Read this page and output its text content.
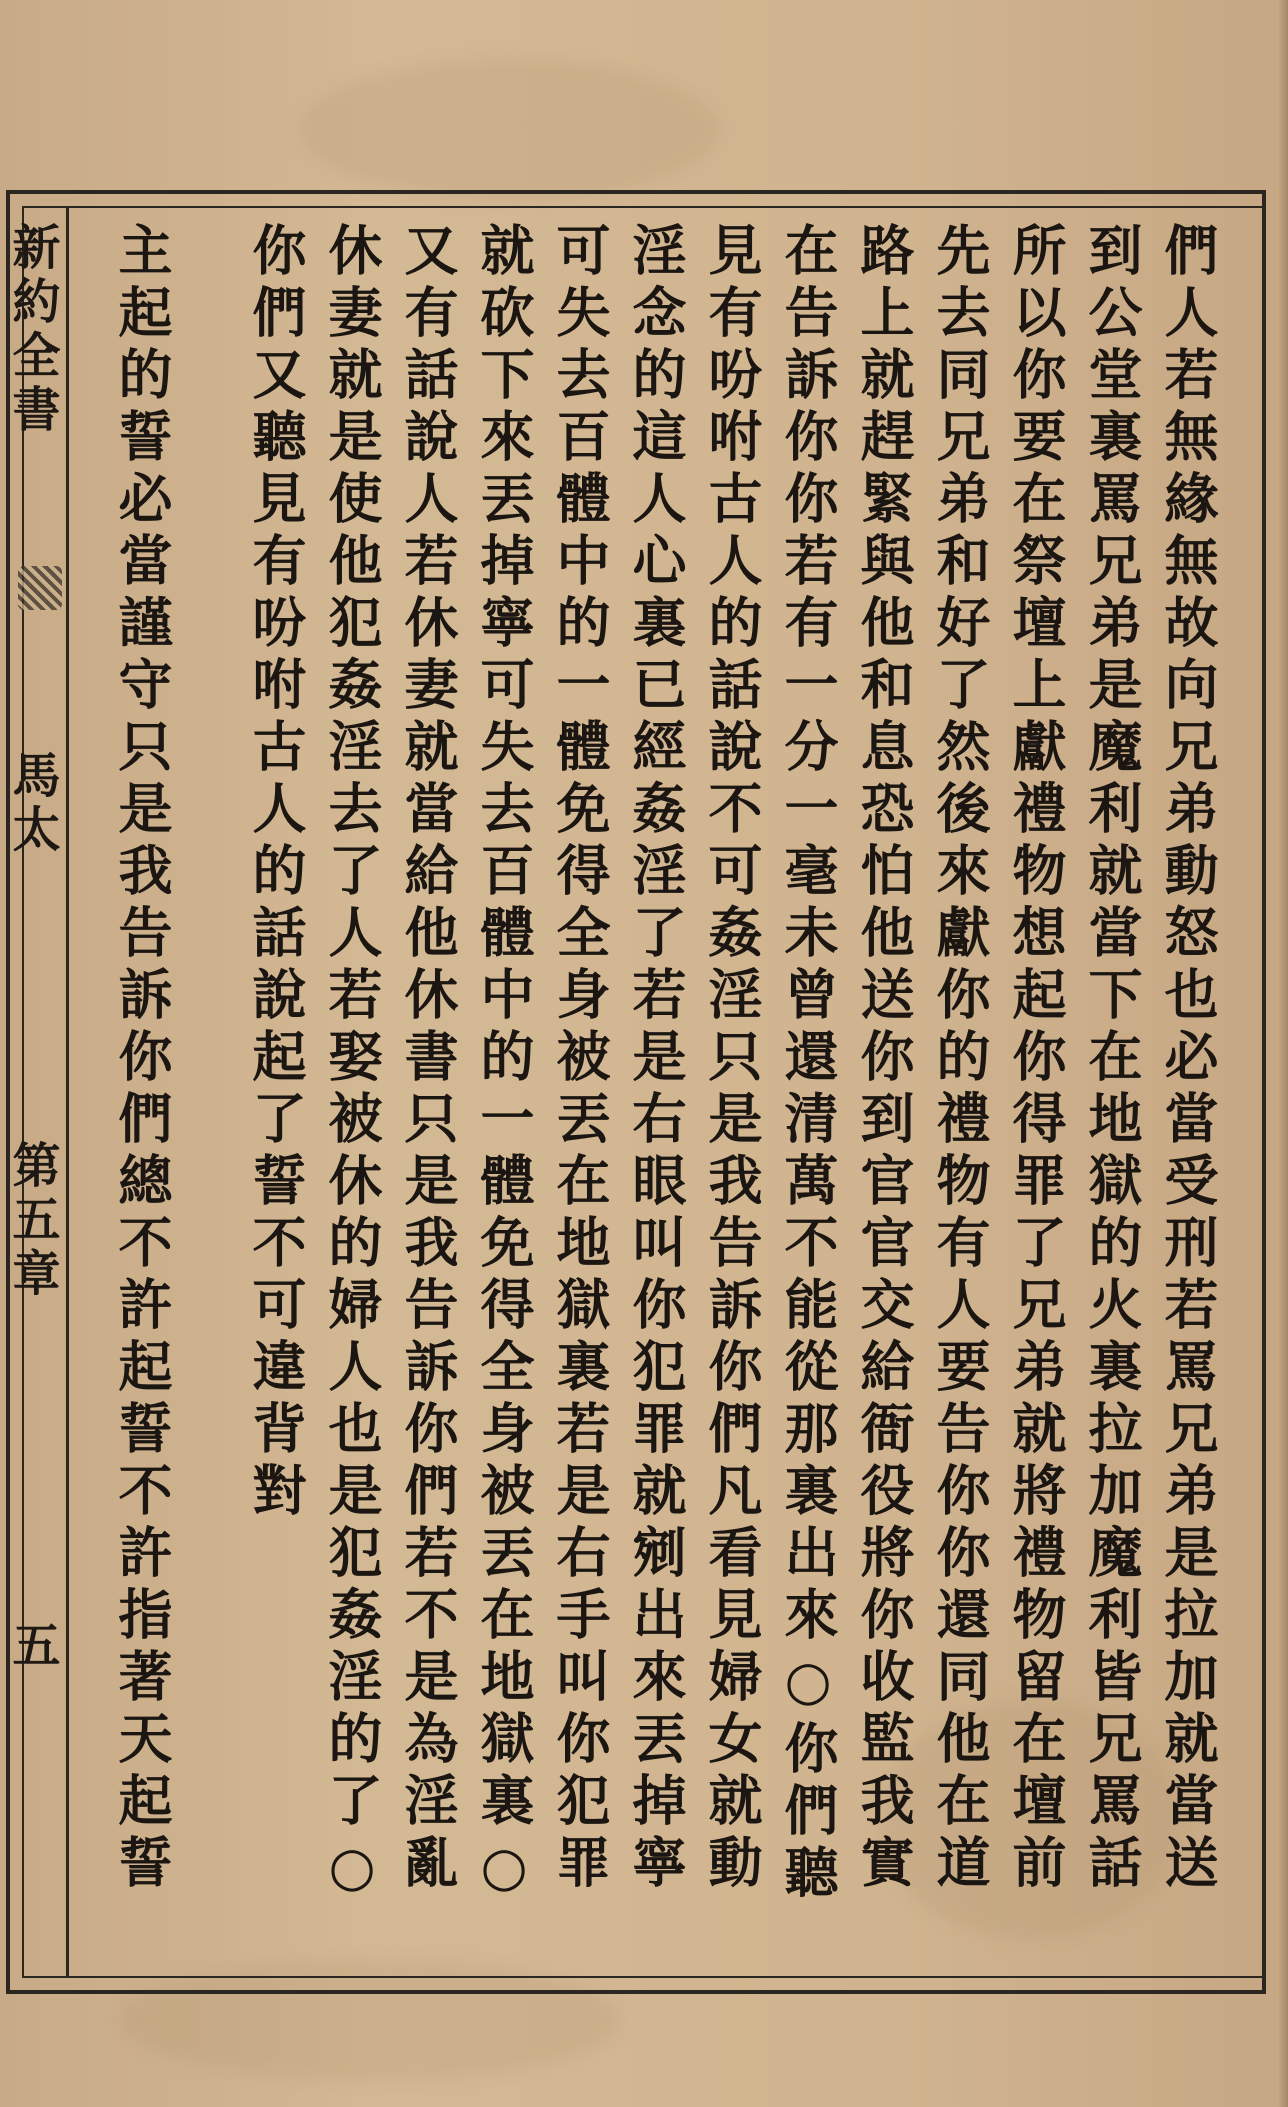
新約全書
馬太
第五章
五	們人若無緣無故向兄弟動怒也必當受刑若罵兄弟是拉加就當送到公堂裏罵兄弟是魔利就當下在地獄的火裏拉加魔利皆兄罵話所以你要在祭壇上獻禮物想起你得罪了兄弟就將禮物留在壇前先去同兄弟和好了然後來獻你的禮物有人要告你你還同他在道路上就趕緊與他和息恐怕他送你到官官交給衙役將你收監我實在告訴你你若有一分一毫未曾還清萬不能從那裏出來○你們聽見有吩咐古人的話說不可姦淫只是我告訴你們凡看見婦女就動淫念的這人心裏已經姦淫了若是右眼叫你犯罪就剜出來丟掉寧可失去百體中的一體免得全身被丟在地獄裏若是右手叫你犯罪就砍下來丟掉寧可失去百體中的一體免得全身被丟在地獄裏○又有話說人若休妻就當給他休書只是我告訴你們若不是為淫亂休妻就是使他犯姦淫去了人若娶被休的婦人也是犯姦淫的了○你們又聽見有吩咐古人的話說起了誓不可違背對

主起的誓必當謹守只是我告訴你們總不許起誓不許指著天起誓　
